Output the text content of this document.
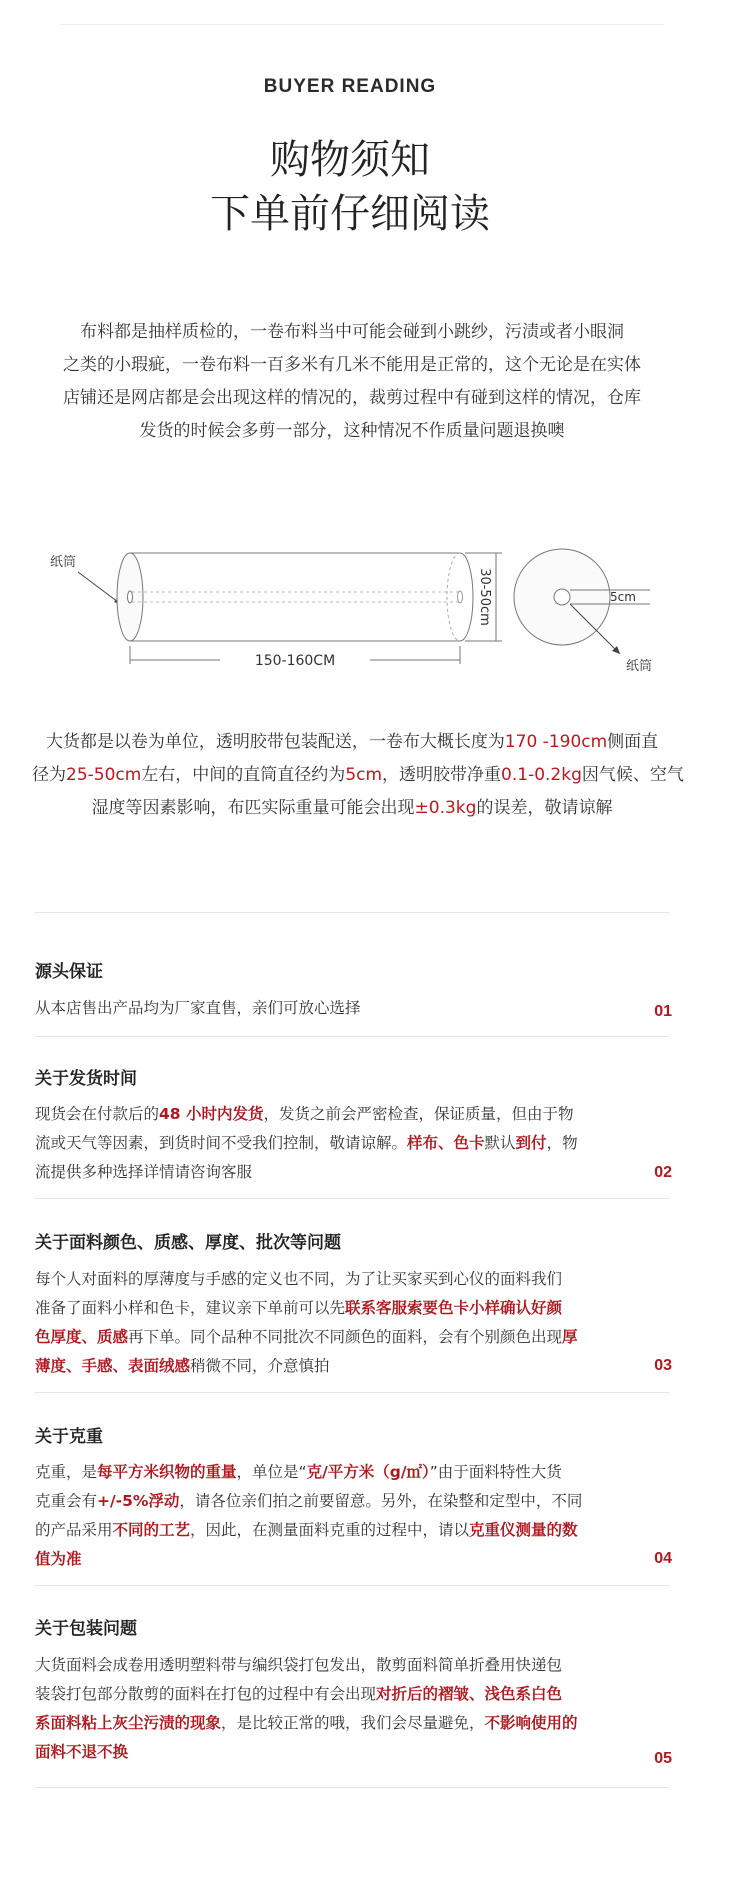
BUYER READING
购物须知
下单前仔细阅读
布料都是抽样质检的，一卷布料当中可能会碰到小跳纱，污渍或者小眼洞
之类的小瑕疵，一卷布料一百多米有几米不能用是正常的，这个无论是在实体
店铺还是网店都是会出现这样的情况的，裁剪过程中有碰到这样的情况，仓库
发货的时候会多剪一部分，这种情况不作质量问题退换噢
纸筒
150-160CM
30-50cm	5cm
纸筒
大货都是以卷为单位，透明胶带包装配送，一卷布大概长度为170 -190cm侧面直
径为25-50cm左右，中间的直筒直径约为5cm，透明胶带净重0.1-0.2kg因气候、空气
湿度等因素影响，布匹实际重量可能会出现±0.3kg的误差，敬请谅解
源头保证
从本店售出产品均为厂家直售，亲们可放心选择	01
关于发货时间
现货会在付款后的48 小时内发货，发货之前会严密检查，保证质量，但由于物
流或天气等因素，到货时间不受我们控制，敬请谅解。样布、色卡默认到付，物
流提供多种选择详情请咨询客服	02
关于面料颜色、质感、厚度、批次等问题
每个人对面料的厚薄度与手感的定义也不同，为了让买家买到心仪的面料我们
准备了面料小样和色卡，建议亲下单前可以先联系客服索要色卡小样确认好颜
色厚度、质感再下单。同个品种不同批次不同颜色的面料，会有个别颜色出现厚
薄度、手感、表面绒感稍微不同，介意慎拍	03
关于克重
克重，是每平方米织物的重量，单位是“克/平方米（g/㎡）”由于面料特性大货
克重会有+/-5%浮动，请各位亲们拍之前要留意。另外，在染整和定型中，不同
的产品采用不同的工艺，因此，在测量面料克重的过程中，请以克重仪测量的数
值为准	04
关于包装问题
大货面料会成卷用透明塑料带与编织袋打包发出，散剪面料简单折叠用快递包
装袋打包部分散剪的面料在打包的过程中有会出现对折后的褶皱、浅色系白色
系面料粘上灰尘污渍的现象，是比较正常的哦，我们会尽量避免，不影响使用的
面料不退不换	05
